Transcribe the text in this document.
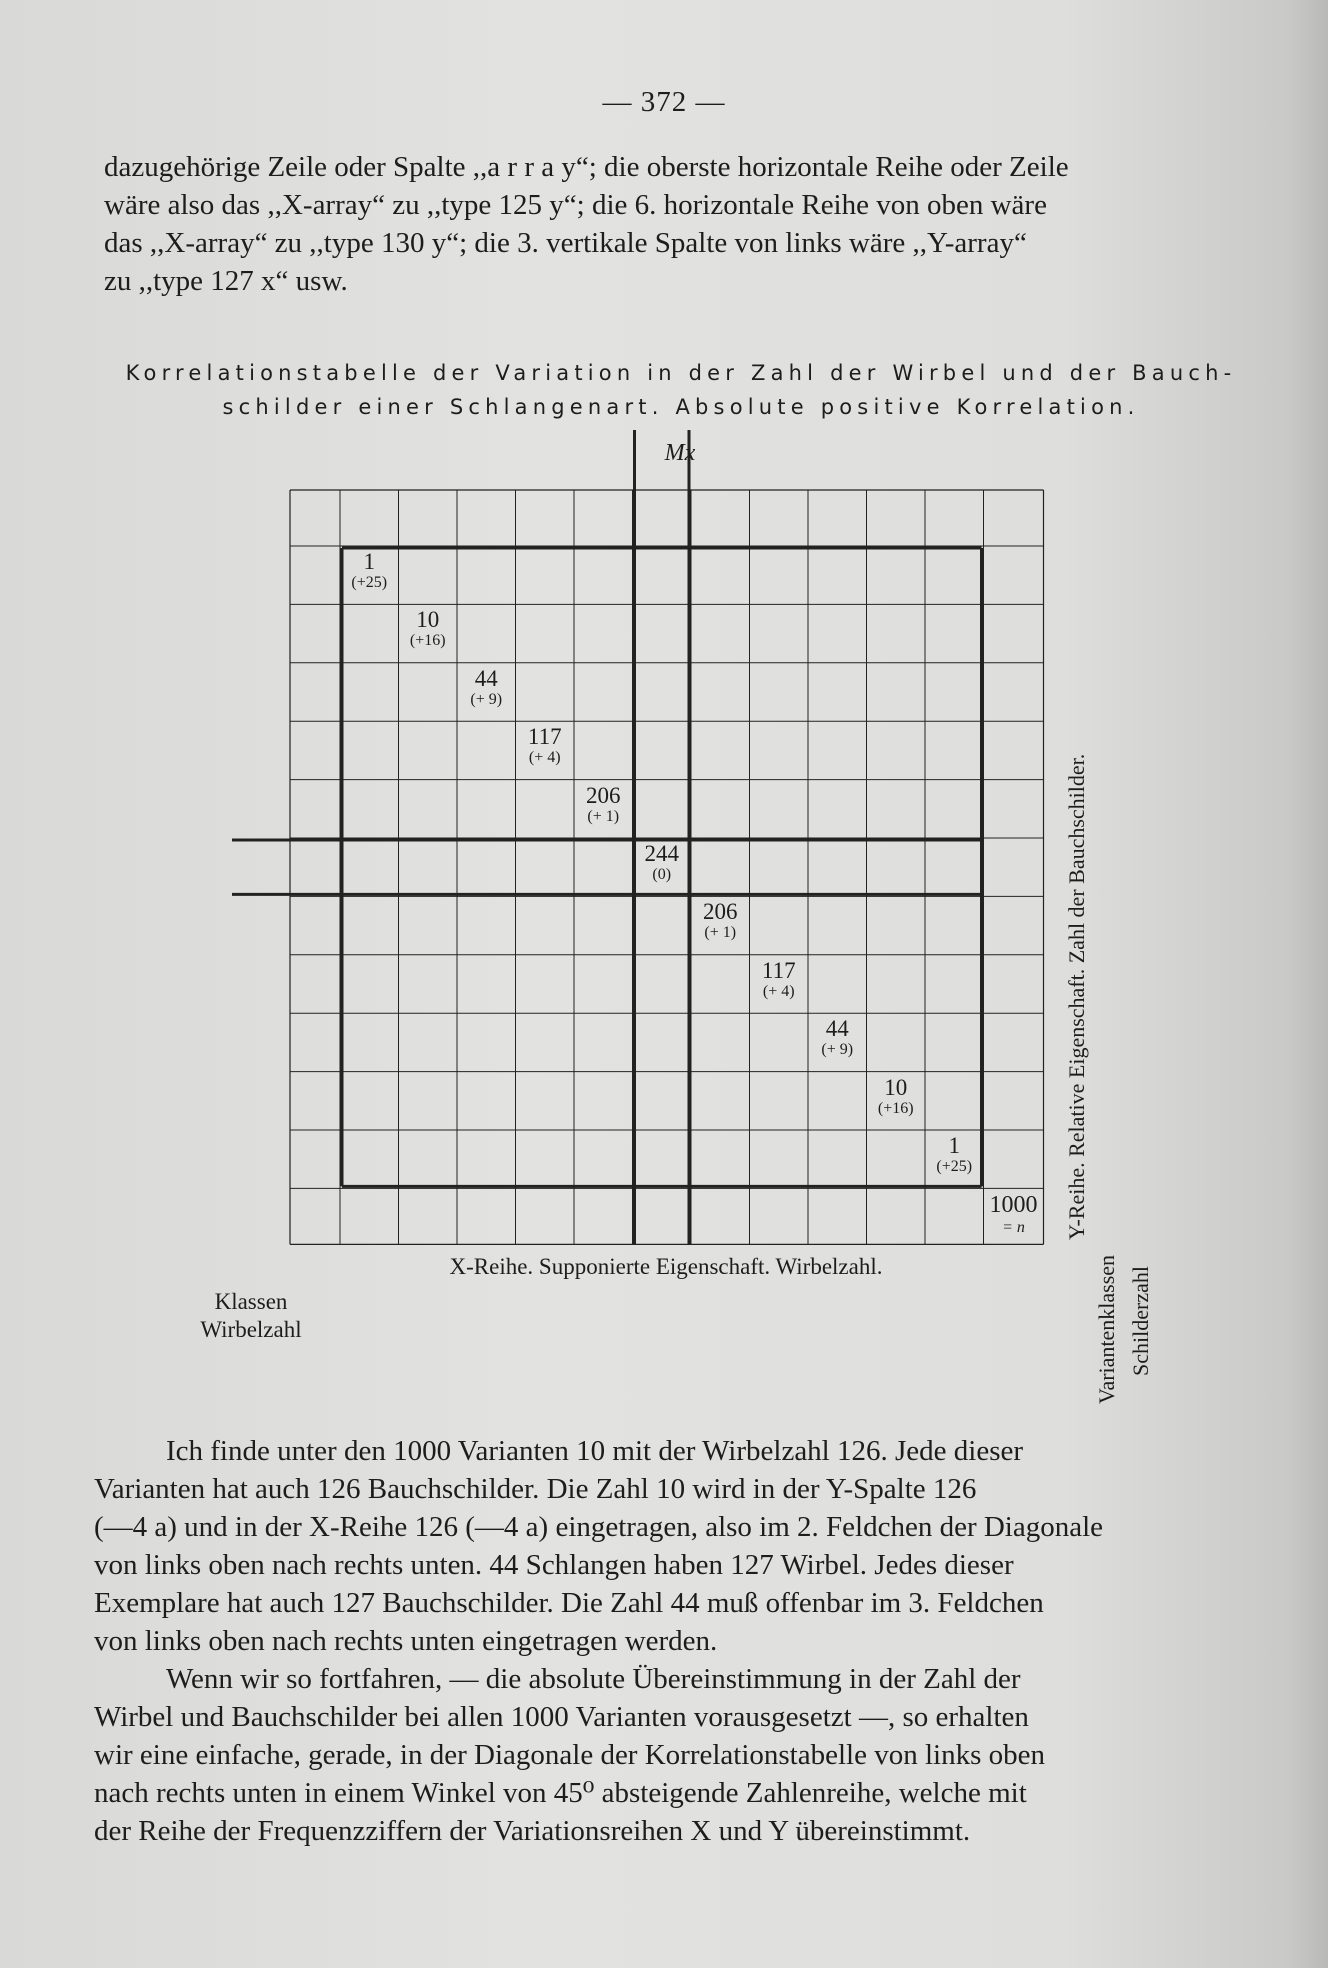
— 372 —

dazugehörige Zeile oder Spalte ,,a r r a y“; die oberste horizontale Reihe oder Zeile

wäre also das ,,X-array“ zu ,,type 125 y“; die 6. horizontale Reihe von oben wäre

das ,,X-array“ zu ,,type 130 y“; die 3. vertikale Spalte von links wäre ,,Y-array“

zu ,,type 127 x“ usw.

Korrelationstabelle der Variation in der Zahl der Wirbel und der Bauch-

schilder einer Schlangenart. Absolute positive Korrelation.

Mx
1
(+25)
10
(+16)
44
(+ 9)
117
(+ 4)
206
(+ 1)
244
(0)
206
(+ 1)
117
(+ 4)
44
(+ 9)
10
(+16)
1
(+25)
1000
= n
X-Reihe. Supponierte Eigenschaft. Wirbelzahl.
Klassen
Wirbelzahl
Y-Reihe. Relative Eigenschaft. Zahl der Bauchschilder.
Variantenklassen Schilderzahl

Ich finde unter den 1000 Varianten 10 mit der Wirbelzahl 126. Jede dieser

Varianten hat auch 126 Bauchschilder. Die Zahl 10 wird in der Y-Spalte 126

(—4 a) und in der X-Reihe 126 (—4 a) eingetragen, also im 2. Feldchen der Diagonale

von links oben nach rechts unten. 44 Schlangen haben 127 Wirbel. Jedes dieser

Exemplare hat auch 127 Bauchschilder. Die Zahl 44 muß offenbar im 3. Feldchen

von links oben nach rechts unten eingetragen werden.

Wenn wir so fortfahren, — die absolute Übereinstimmung in der Zahl der

Wirbel und Bauchschilder bei allen 1000 Varianten vorausgesetzt —, so erhalten

wir eine einfache, gerade, in der Diagonale der Korrelationstabelle von links oben

nach rechts unten in einem Winkel von 45⁰ absteigende Zahlenreihe, welche mit

der Reihe der Frequenzziffern der Variationsreihen X und Y übereinstimmt.
